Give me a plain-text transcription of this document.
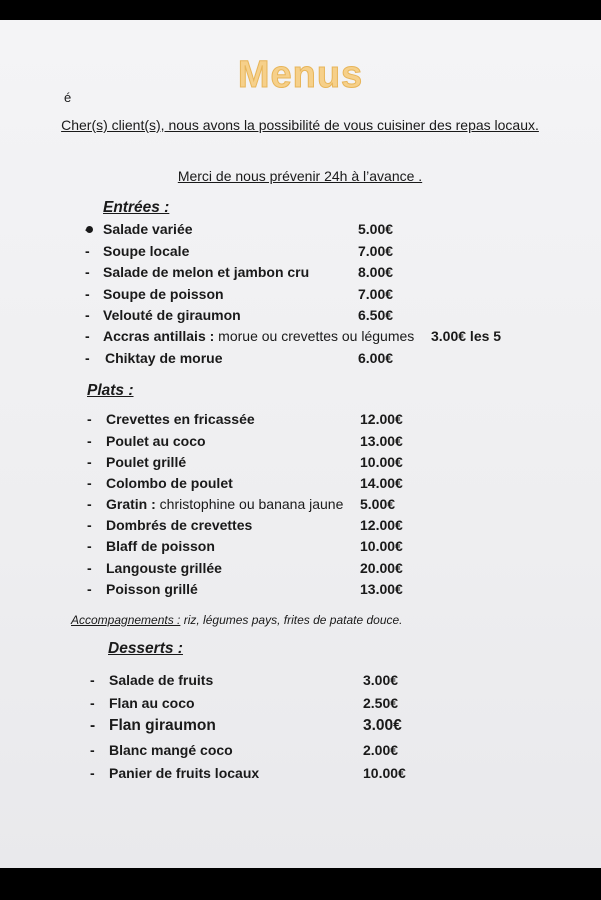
Menus
é
Cher(s) client(s), nous avons la possibilité de vous cuisiner des repas locaux.
Merci de nous prévenir 24h à l’avance .
Entrées :
- Salade variée	5.00€
- Soupe locale	7.00€
- Salade de melon et jambon cru	8.00€
- Soupe de poisson	7.00€
- Velouté de giraumon	6.50€
- Accras antillais : morue ou crevettes ou légumes 3.00€ les 5
- Chiktay de morue	6.00€
Plats :
- Crevettes en fricassée	12.00€
- Poulet au coco	13.00€
- Poulet grillé	10.00€
- Colombo de poulet	14.00€
- Gratin : christophine ou banana jaune 5.00€
- Dombrés de crevettes	12.00€
- Blaff de poisson	10.00€
- Langouste grillée	20.00€
- Poisson grillé	13.00€
Accompagnements : riz, légumes pays, frites de patate douce.
Desserts :
- Salade de fruits	3.00€
- Flan au coco	2.50€
- Flan giraumon	3.00€
- Blanc mangé coco	2.00€
- Panier de fruits locaux	10.00€
